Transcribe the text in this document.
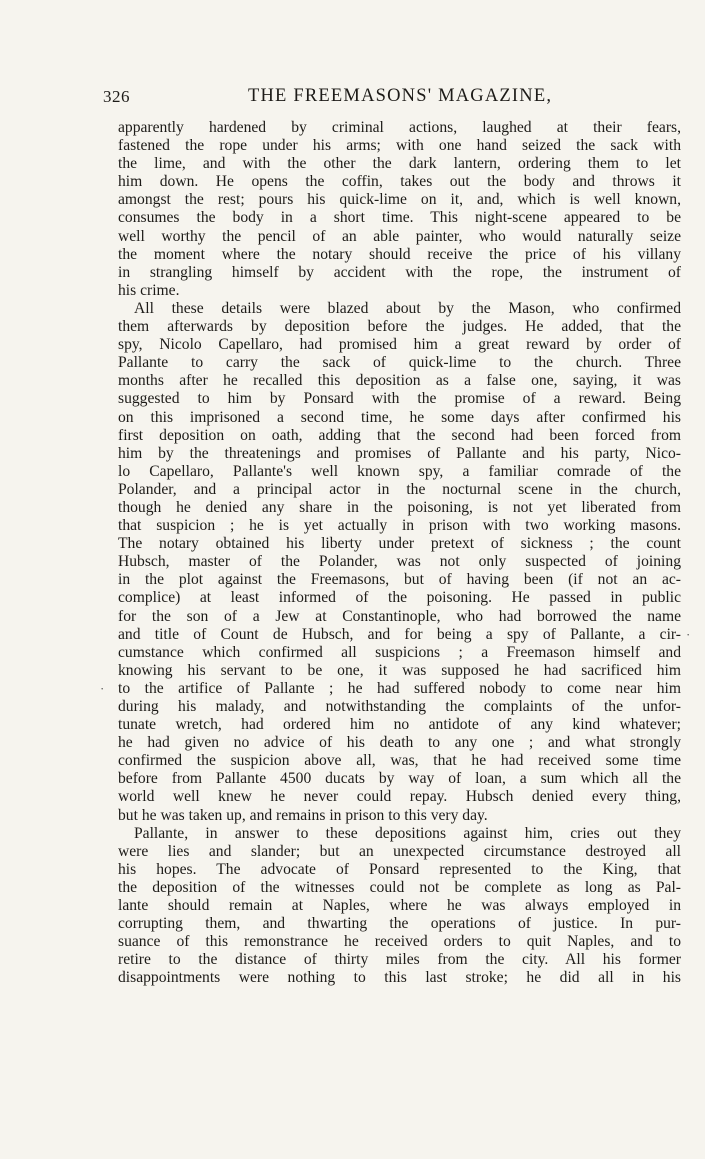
326	THE FREEMASONS' MAGAZINE,
apparently hardened by criminal actions, laughed at their fears,
fastened the rope under his arms; with one hand seized the sack with
the lime, and with the other the dark lantern, ordering them to let
him down. He opens the coffin, takes out the body and throws it
amongst the rest; pours his quick-lime on it, and, which is well known,
consumes the body in a short time. This night-scene appeared to be
well worthy the pencil of an able painter, who would naturally seize
the moment where the notary should receive the price of his villany
in strangling himself by accident with the rope, the instrument of
his crime.
All these details were blazed about by the Mason, who confirmed
them afterwards by deposition before the judges. He added, that the
spy, Nicolo Capellaro, had promised him a great reward by order of
Pallante to carry the sack of quick-lime to the church. Three
months after he recalled this deposition as a false one, saying, it was
suggested to him by Ponsard with the promise of a reward. Being
on this imprisoned a second time, he some days after confirmed his
first deposition on oath, adding that the second had been forced from
him by the threatenings and promises of Pallante and his party, Nico-
lo Capellaro, Pallante's well known spy, a familiar comrade of the
Polander, and a principal actor in the nocturnal scene in the church,
though he denied any share in the poisoning, is not yet liberated from
that suspicion ; he is yet actually in prison with two working masons.
The notary obtained his liberty under pretext of sickness ; the count
Hubsch, master of the Polander, was not only suspected of joining
in the plot against the Freemasons, but of having been (if not an ac-
complice) at least informed of the poisoning. He passed in public
for the son of a Jew at Constantinople, who had borrowed the name
and title of Count de Hubsch, and for being a spy of Pallante, a cir-
cumstance which confirmed all suspicions ; a Freemason himself and
knowing his servant to be one, it was supposed he had sacrificed him
to the artifice of Pallante ; he had suffered nobody to come near him
during his malady, and notwithstanding the complaints of the unfor-
tunate wretch, had ordered him no antidote of any kind whatever;
he had given no advice of his death to any one ; and what strongly
confirmed the suspicion above all, was, that he had received some time
before from Pallante 4500 ducats by way of loan, a sum which all the
world well knew he never could repay. Hubsch denied every thing,
but he was taken up, and remains in prison to this very day.
Pallante, in answer to these depositions against him, cries out they
were lies and slander; but an unexpected circumstance destroyed all
his hopes. The advocate of Ponsard represented to the King, that
the deposition of the witnesses could not be complete as long as Pal-
lante should remain at Naples, where he was always employed in
corrupting them, and thwarting the operations of justice. In pur-
suance of this remonstrance he received orders to quit Naples, and to
retire to the distance of thirty miles from the city. All his former
disappointments were nothing to this last stroke; he did all in his
·
·
